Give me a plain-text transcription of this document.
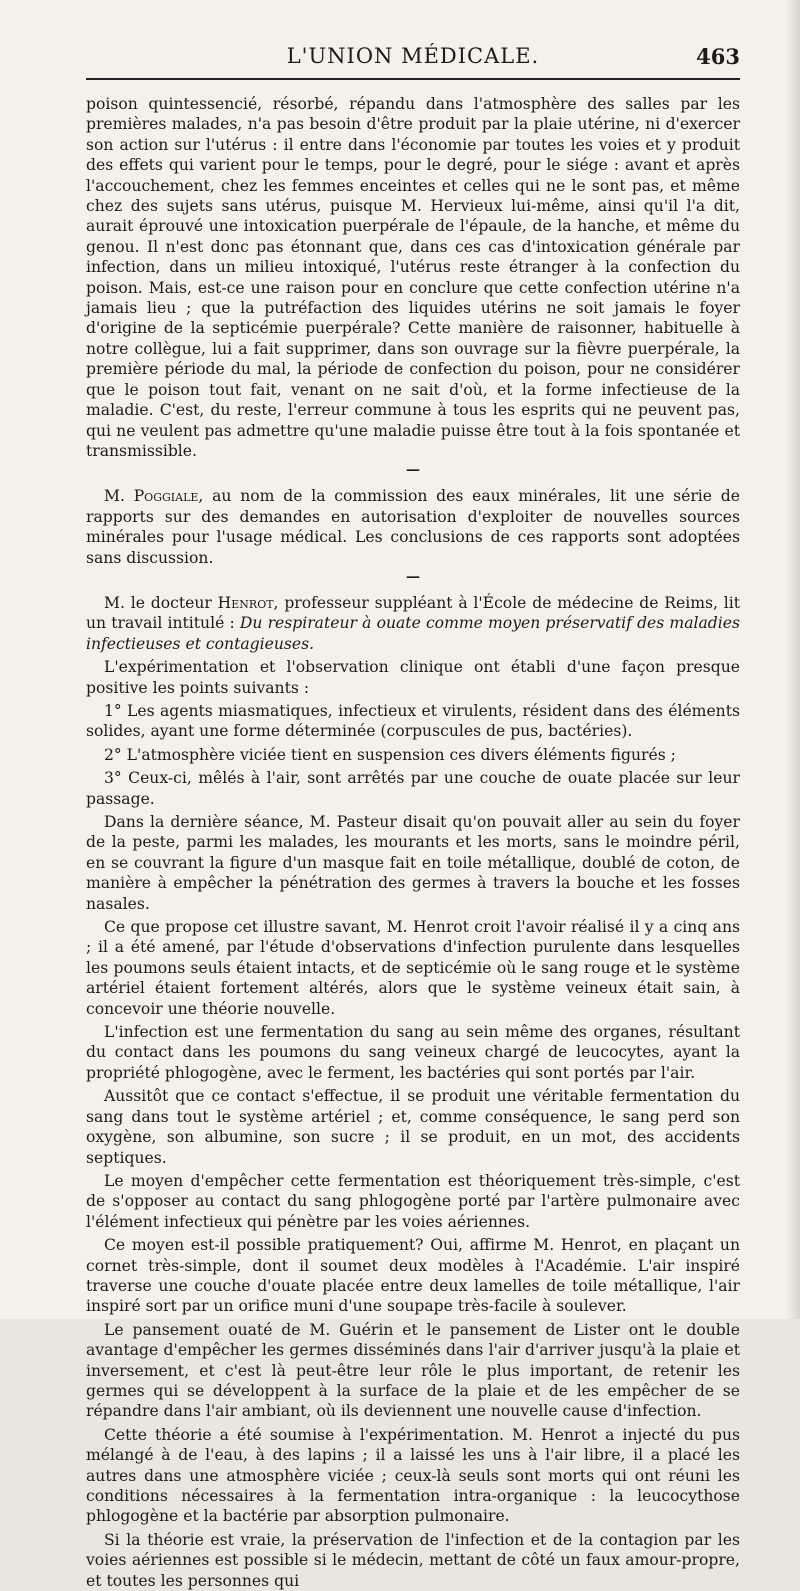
L'UNION MÉDICALE.	463

poison quintessencié, résorbé, répandu dans l'atmosphère des salles par les premières malades, n'a pas besoin d'être produit par la plaie utérine, ni d'exercer son action sur l'utérus : il entre dans l'économie par toutes les voies et y produit des effets qui varient pour le temps, pour le degré, pour le siége : avant et après l'accouchement, chez les femmes enceintes et celles qui ne le sont pas, et même chez des sujets sans utérus, puisque M. Hervieux lui-même, ainsi qu'il l'a dit, aurait éprouvé une intoxication puerpérale de l'épaule, de la hanche, et même du genou. Il n'est donc pas étonnant que, dans ces cas d'intoxication générale par infection, dans un milieu intoxiqué, l'utérus reste étranger à la confection du poison. Mais, est-ce une raison pour en conclure que cette confection utérine n'a jamais lieu ; que la putréfaction des liquides utérins ne soit jamais le foyer d'origine de la septicémie puerpérale? Cette manière de raisonner, habituelle à notre collègue, lui a fait supprimer, dans son ouvrage sur la fièvre puerpérale, la première période du mal, la période de confection du poison, pour ne considérer que le poison tout fait, venant on ne sait d'où, et la forme infectieuse de la maladie. C'est, du reste, l'erreur commune à tous les esprits qui ne peuvent pas, qui ne veulent pas admettre qu'une maladie puisse être tout à la fois spontanée et transmissible.

—

M. Poggiale, au nom de la commission des eaux minérales, lit une série de rapports sur des demandes en autorisation d'exploiter de nouvelles sources minérales pour l'usage médical. Les conclusions de ces rapports sont adoptées sans discussion.

—

M. le docteur Henrot, professeur suppléant à l'École de médecine de Reims, lit un travail intitulé : Du respirateur à ouate comme moyen préservatif des maladies infectieuses et contagieuses.

L'expérimentation et l'observation clinique ont établi d'une façon presque positive les points suivants :

1° Les agents miasmatiques, infectieux et virulents, résident dans des éléments solides, ayant une forme déterminée (corpuscules de pus, bactéries).

2° L'atmosphère viciée tient en suspension ces divers éléments figurés ;

3° Ceux-ci, mêlés à l'air, sont arrêtés par une couche de ouate placée sur leur passage.

Dans la dernière séance, M. Pasteur disait qu'on pouvait aller au sein du foyer de la peste, parmi les malades, les mourants et les morts, sans le moindre péril, en se couvrant la figure d'un masque fait en toile métallique, doublé de coton, de manière à empêcher la pénétration des germes à travers la bouche et les fosses nasales.

Ce que propose cet illustre savant, M. Henrot croit l'avoir réalisé il y a cinq ans ; il a été amené, par l'étude d'observations d'infection purulente dans lesquelles les poumons seuls étaient intacts, et de septicémie où le sang rouge et le système artériel étaient fortement altérés, alors que le système veineux était sain, à concevoir une théorie nouvelle.

L'infection est une fermentation du sang au sein même des organes, résultant du contact dans les poumons du sang veineux chargé de leucocytes, ayant la propriété phlogogène, avec le ferment, les bactéries qui sont portés par l'air.

Aussitôt que ce contact s'effectue, il se produit une véritable fermentation du sang dans tout le système artériel ; et, comme conséquence, le sang perd son oxygène, son albumine, son sucre ; il se produit, en un mot, des accidents septiques.

Le moyen d'empêcher cette fermentation est théoriquement très-simple, c'est de s'opposer au contact du sang phlogogène porté par l'artère pulmonaire avec l'élément infectieux qui pénètre par les voies aériennes.

Ce moyen est-il possible pratiquement? Oui, affirme M. Henrot, en plaçant un cornet très-simple, dont il soumet deux modèles à l'Académie. L'air inspiré traverse une couche d'ouate placée entre deux lamelles de toile métallique, l'air inspiré sort par un orifice muni d'une soupape très-facile à soulever.

Le pansement ouaté de M. Guérin et le pansement de Lister ont le double avantage d'empêcher les germes disséminés dans l'air d'arriver jusqu'à la plaie et inversement, et c'est là peut-être leur rôle le plus important, de retenir les germes qui se développent à la surface de la plaie et de les empêcher de se répandre dans l'air ambiant, où ils deviennent une nouvelle cause d'infection.

Cette théorie a été soumise à l'expérimentation. M. Henrot a injecté du pus mélangé à de l'eau, à des lapins ; il a laissé les uns à l'air libre, il a placé les autres dans une atmosphère viciée ; ceux-là seuls sont morts qui ont réuni les conditions nécessaires à la fermentation intra-organique : la leucocythose phlogogène et la bactérie par absorption pulmonaire.

Si la théorie est vraie, la préservation de l'infection et de la contagion par les voies aériennes est possible si le médecin, mettant de côté un faux amour-propre, et toutes les personnes qui
